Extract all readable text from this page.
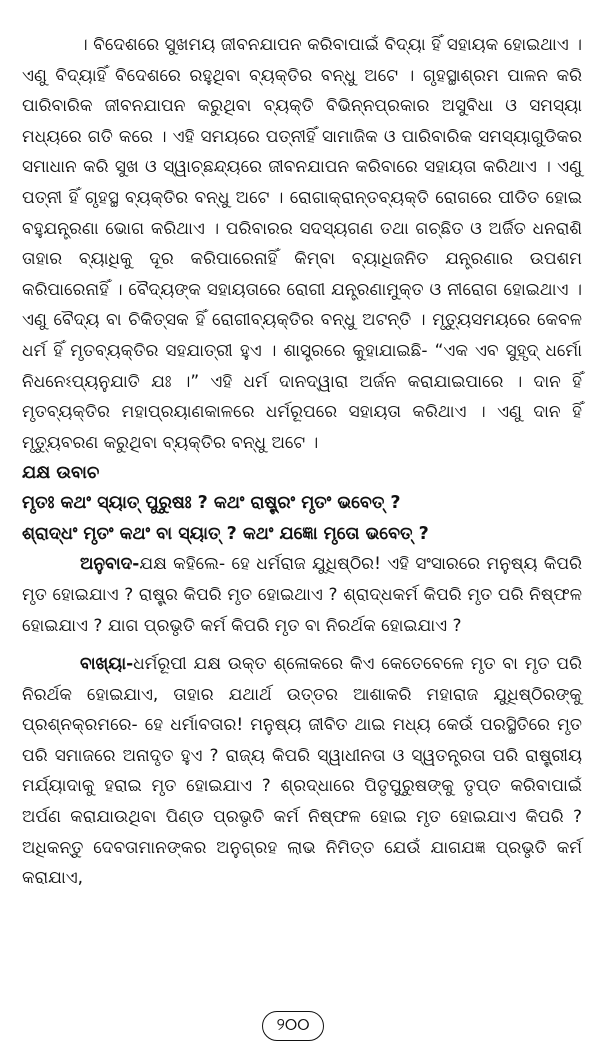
। ବିଦେଶରେ ସୁଖମୟ ଜୀବନଯାପନ କରିବାପାଇଁ ବିଦ୍ୟା ହିଁ ସହାୟକ ହୋଇଥାଏ । ଏଣୁ ବିଦ୍ୟାହିଁ ବିଦେଶରେ ରହୁଥିବା ବ୍ୟକ୍ତିର ବନ୍ଧୁ ଅଟେ । ଗୃହସ୍ଥାଶ୍ରମ ପାଳନ କରି ପାରିବାରିକ ଜୀବନଯାପନ କରୁଥିବା ବ୍ୟକ୍ତି ବିଭିନ୍ନପ୍ରକାର ଅସୁବିଧା ଓ ସମସ୍ୟା ମଧ୍ୟରେ ଗତି କରେ । ଏହି ସମୟରେ ପତ୍ନୀହିଁ ସାମାଜିକ ଓ ପାରିବାରିକ ସମସ୍ୟାଗୁଡିକର ସମାଧାନ କରି ସୁଖ ଓ ସ୍ୱାଚ୍ଛନ୍ଦ୍ୟରେ ଜୀବନଯାପନ କରିବାରେ ସହାୟତା କରିଥାଏ । ଏଣୁ ପତ୍ନୀ ହିଁ ଗୃହସ୍ଥ ବ୍ୟକ୍ତିର ବନ୍ଧୁ ଅଟେ । ରୋଗାକ୍ରାନ୍ତବ୍ୟକ୍ତି ରୋଗରେ ପୀଡିତ ହୋଇ ବହୁଯନ୍ତ୍ରଣା ଭୋଗ କରିଥାଏ । ପରିବାରର ସଦସ୍ୟଗଣ ତଥା ଗଚ୍ଛିତ ଓ ଅର୍ଜିତ ଧନରାଶି ତାହାର ବ୍ୟାଧିକୁ ଦୂର କରିପାରେନାହିଁ କିମ୍ବା ବ୍ୟାଧିଜନିତ ଯନ୍ତ୍ରଣାର ଉପଶମ କରିପାରେନାହିଁ । ବୈଦ୍ୟଙ୍କ ସହାୟତାରେ ରୋଗୀ ଯନ୍ତ୍ରଣାମୁକ୍ତ ଓ ନୀରୋଗ ହୋଇଥାଏ । ଏଣୁ ବୈଦ୍ୟ ବା ଚିକିତ୍ସକ ହିଁ ରୋଗୀବ୍ୟକ୍ତିର ବନ୍ଧୁ ଅଟନ୍ତି । ମୃତ୍ୟୁସମୟରେ କେବଳ ଧର୍ମ ହିଁ ମୃତବ୍ୟକ୍ତିର ସହଯାତ୍ରୀ ହୁଏ । ଶାସ୍ତ୍ରରେ କୁହାଯାଇଛି- “ଏକ ଏବ ସୁହୃଦ୍ ଧର୍ମୋ ନିଧନେଽପ୍ୟନୁଯାତି ଯଃ ।” ଏହି ଧର୍ମ ଦାନଦ୍ୱାରା ଅର୍ଜନ କରାଯାଇପାରେ । ଦାନ ହିଁ ମୃତବ୍ୟକ୍ତିର ମହାପ୍ରୟାଣକାଳରେ ଧର୍ମରୂପରେ ସହାୟତା କରିଥାଏ । ଏଣୁ ଦାନ ହିଁ ମୃତ୍ୟୁବରଣ କରୁଥିବା ବ୍ୟକ୍ତିର ବନ୍ଧୁ ଅଟେ ।

ଯକ୍ଷ ଉବାଚ

ମୃତଃ କଥଂ ସ୍ୟାତ୍ ପୁରୁଷଃ ? କଥଂ ରାଷ୍ଟ୍ରଂ ମୃତଂ ଭବେତ୍ ?

ଶ୍ରାଦ୍ଧଂ ମୃତଂ କଥଂ ବା ସ୍ୟାତ୍ ? କଥଂ ଯଜ୍ଞୋ ମୃତୋ ଭବେତ୍ ?

ଅନୁବାଦ-ଯକ୍ଷ କହିଲେ- ହେ ଧର୍ମରାଜ ଯୁଧିଷ୍ଠିର! ଏହି ସଂସାରରେ ମନୁଷ୍ୟ କିପରି ମୃତ ହୋଇଯାଏ ? ରାଷ୍ଟ୍ର କିପରି ମୃତ ହୋଇଥାଏ ? ଶ୍ରାଦ୍ଧକର୍ମ କିପରି ମୃତ ପରି ନିଷ୍ଫଳ ହୋଇଯାଏ ? ଯାଗ ପ୍ରଭୃତି କର୍ମ କିପରି ମୃତ ବା ନିରର୍ଥକ ହୋଇଯାଏ ?

ବାଖ୍ୟା-ଧର୍ମରୂପୀ ଯକ୍ଷ ଉକ୍ତ ଶ୍ଳୋକରେ କିଏ କେତେବେଳେ ମୃତ ବା ମୃତ ପରି ନିରର୍ଥକ ହୋଇଯାଏ, ତାହାର ଯଥାର୍ଥ ଉତ୍ତର ଆଶାକରି ମହାରାଜ ଯୁଧିଷ୍ଠିରଙ୍କୁ ପ୍ରଶ୍ନକ୍ରମରେ- ହେ ଧର୍ମାବତାର! ମନୁଷ୍ୟ ଜୀବିତ ଥାଇ ମଧ୍ୟ କେଉଁ ପରସ୍ଥିତିରେ ମୃତ ପରି ସମାଜରେ ଅନାଦୃତ ହୁଏ ? ରାଜ୍ୟ କିପରି ସ୍ୱାଧୀନତା ଓ ସ୍ୱତନ୍ତ୍ରତା ପରି ରାଷ୍ଟ୍ରୀୟ ମର୍ଯ୍ୟାଦାକୁ ହରାଇ ମୃତ ହୋଇଯାଏ ? ଶ୍ରଦ୍ଧାରେ ପିତୃପୁରୁଷଙ୍କୁ ତୃପ୍ତ କରିବାପାଇଁ ଅର୍ପଣ କରାଯାଉଥିବା ପିଣ୍ଡ ପ୍ରଭୃତି କର୍ମ ନିଷ୍ଫଳ ହୋଇ ମୃତ ହୋଇଯାଏ କିପରି ? ଅଧିକନ୍ତୁ ଦେବତାମାନଙ୍କର ଅନୁଗ୍ରହ ଲାଭ ନିମିତ୍ତ ଯେଉଁ ଯାଗଯଜ୍ଞ ପ୍ରଭୃତି କର୍ମ କରାଯାଏ,

୨୦୦
